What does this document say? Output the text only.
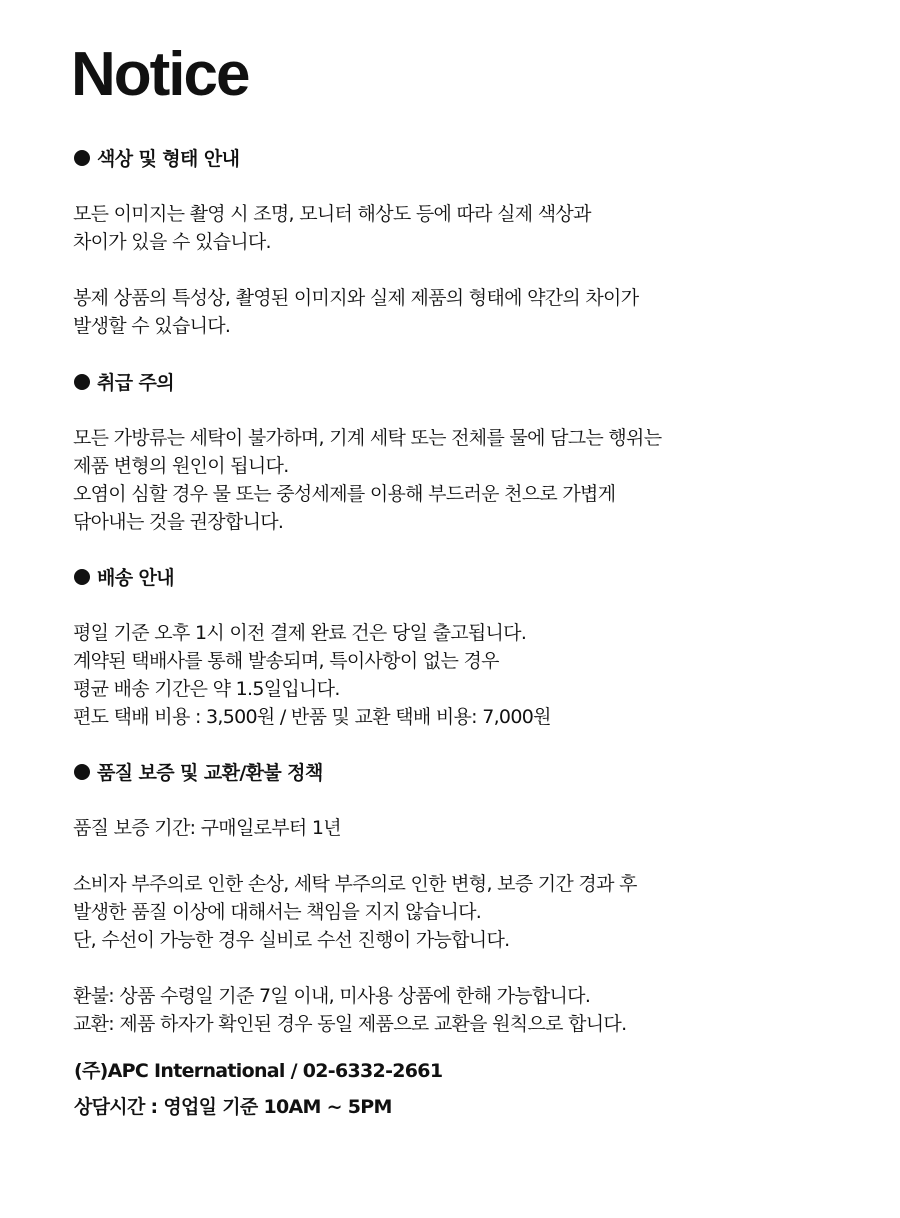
Notice
색상 및 형태 안내

모든 이미지는 촬영 시 조명, 모니터 해상도 등에 따라 실제 색상과

차이가 있을 수 있습니다.

봉제 상품의 특성상, 촬영된 이미지와 실제 제품의 형태에 약간의 차이가

발생할 수 있습니다.

취급 주의

모든 가방류는 세탁이 불가하며, 기계 세탁 또는 전체를 물에 담그는 행위는

제품 변형의 원인이 됩니다.

오염이 심할 경우 물 또는 중성세제를 이용해 부드러운 천으로 가볍게

닦아내는 것을 권장합니다.

배송 안내

평일 기준 오후 1시 이전 결제 완료 건은 당일 출고됩니다.

계약된 택배사를 통해 발송되며, 특이사항이 없는 경우

평균 배송 기간은 약 1.5일입니다.

편도 택배 비용 : 3,500원 / 반품 및 교환 택배 비용: 7,000원

품질 보증 및 교환/환불 정책

품질 보증 기간: 구매일로부터 1년

소비자 부주의로 인한 손상, 세탁 부주의로 인한 변형, 보증 기간 경과 후

발생한 품질 이상에 대해서는 책임을 지지 않습니다.

단, 수선이 가능한 경우 실비로 수선 진행이 가능합니다.

환불: 상품 수령일 기준 7일 이내, 미사용 상품에 한해 가능합니다.

교환: 제품 하자가 확인된 경우 동일 제품으로 교환을 원칙으로 합니다.

(주)APC International / 02-6332-2661

상담시간 : 영업일 기준 10AM ~ 5PM
